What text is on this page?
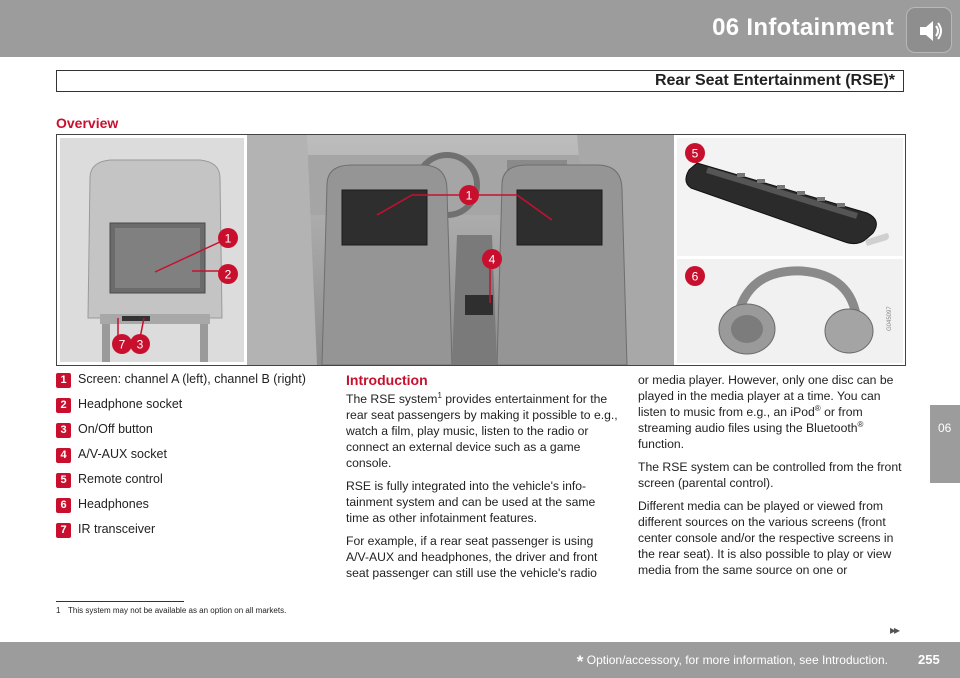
06 Infotainment
Rear Seat Entertainment (RSE)*
06
Overview
1
2
7 3
1
4
5
6
G045097
1 Screen: channel A (left), channel B (right)
2 Headphone socket
3 On/Off button
4 A/V-AUX socket
5 Remote control
6 Headphones
7 IR transceiver
Introduction

The RSE system$^1$ provides entertainment for the rear seat passengers by making it possible to e.g., watch a film, play music, listen to the radio or connect an external device such as a game console.

RSE is fully integrated into the vehicle's info-tainment system and can be used at the same time as other infotainment features.

For example, if a rear seat passenger is using A/V-AUX and headphones, the driver and front seat passenger can still use the vehicle's radio

or media player. However, only one disc can be played in the media player at a time. You can listen to music from e.g., an iPod® or from streaming audio files using the Bluetooth® function.

The RSE system can be controlled from the front screen (parental control).

Different media can be played or viewed from different sources on the various screens (front center console and/or the respective screens in the rear seat). It is also possible to play or view media from the same source on one or

1 This system may not be available as an option on all markets.
▸▸
* Option/accessory, for more information, see Introduction. 255
